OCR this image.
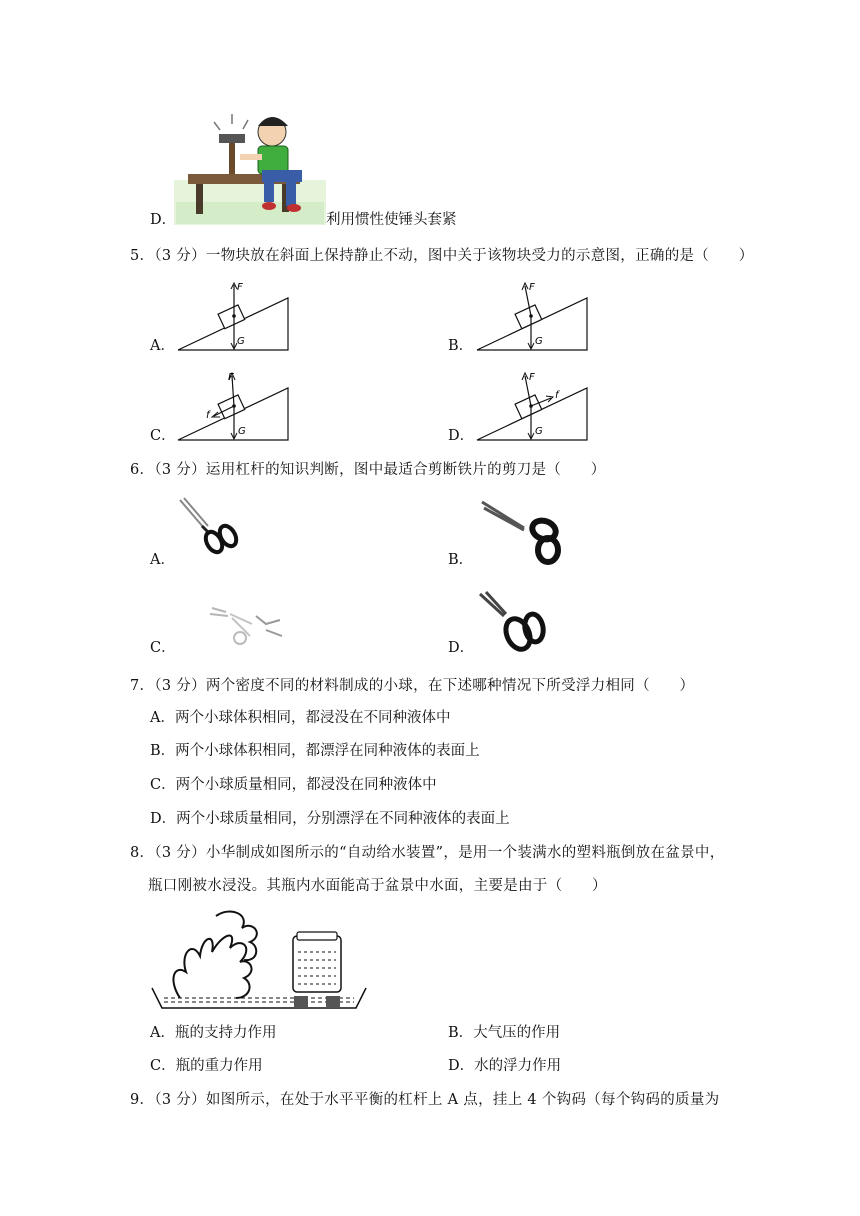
D．	利用惯性使锤头套紧
5．（3 分）一物块放在斜面上保持静止不动，图中关于该物块受力的示意图，正确的是（　　）
A．
F
G	B．
F
G
C．
F
f
G	D．
F
f
G
6．（3 分）运用杠杆的知识判断，图中最适合剪断铁片的剪刀是（　　）
A．	B．
C．	D．
7．（3 分）两个密度不同的材料制成的小球，在下述哪种情况下所受浮力相同（　　）
A．两个小球体积相同，都浸没在不同种液体中
B．两个小球体积相同，都漂浮在同种液体的表面上
C．两个小球质量相同，都浸没在同种液体中
D．两个小球质量相同，分别漂浮在不同种液体的表面上
8．（3 分）小华制成如图所示的“自动给水装置”，是用一个装满水的塑料瓶倒放在盆景中，
瓶口刚被水浸没。其瓶内水面能高于盆景中水面，主要是由于（　　）
A．瓶的支持力作用	B．大气压的作用
C．瓶的重力作用	D．水的浮力作用
9．（3 分）如图所示，在处于水平平衡的杠杆上 A 点，挂上 4 个钩码（每个钩码的质量为
